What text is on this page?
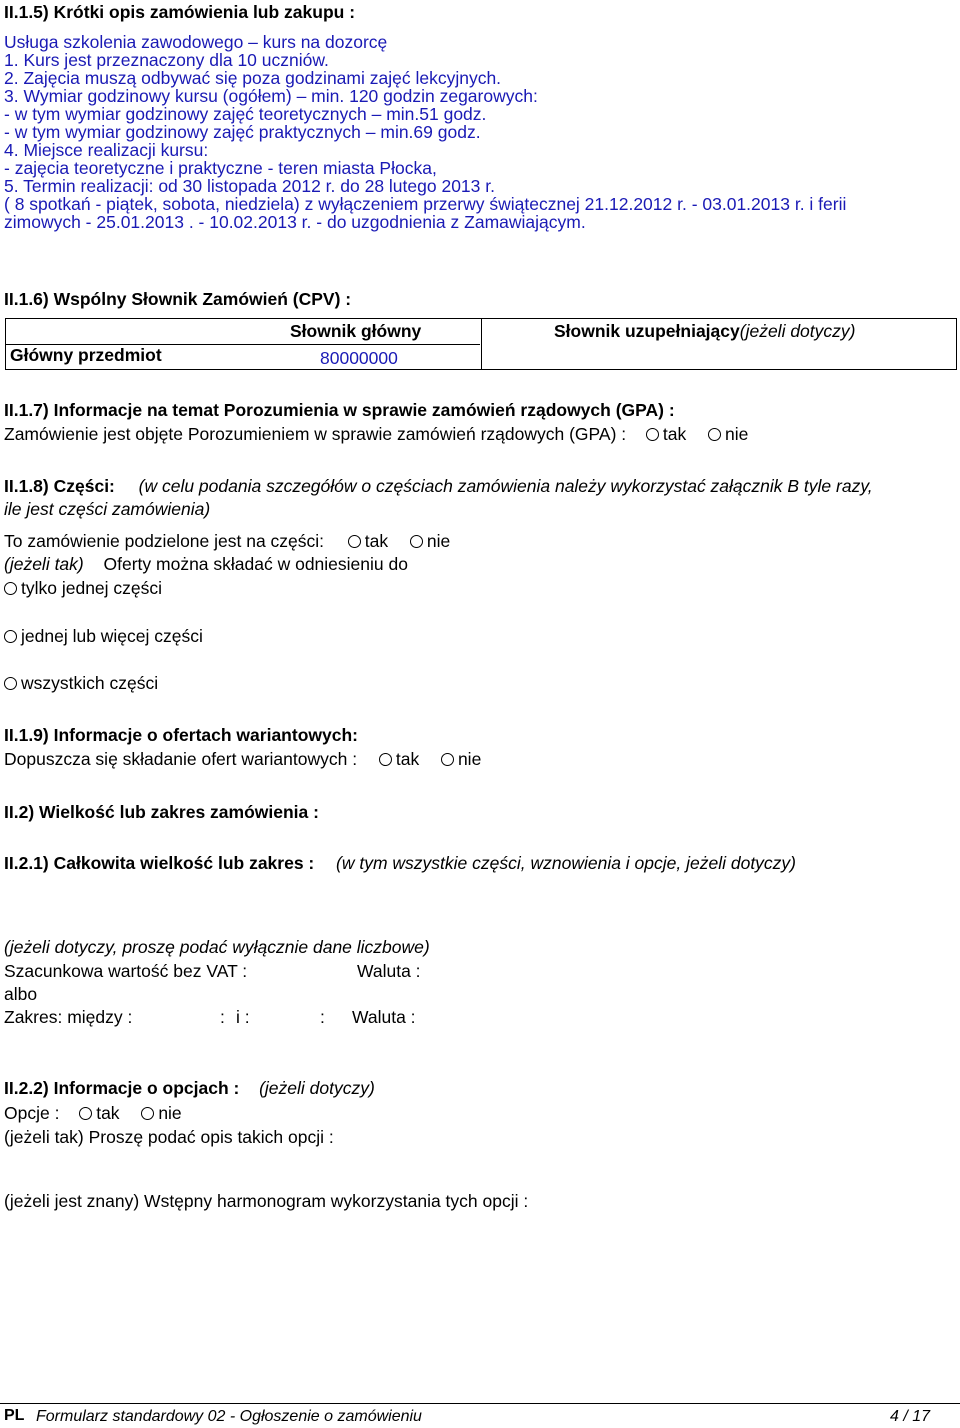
II.1.5) Krótki opis zamówienia lub zakupu :
Usługa szkolenia zawodowego – kurs na dozorcę
1. Kurs jest przeznaczony dla 10 uczniów.
2. Zajęcia muszą odbywać się poza godzinami zajęć lekcyjnych.
3. Wymiar godzinowy kursu (ogółem) – min. 120 godzin zegarowych:
- w tym wymiar godzinowy zajęć teoretycznych – min.51 godz.
- w tym wymiar godzinowy zajęć praktycznych – min.69 godz.
4. Miejsce realizacji kursu:
- zajęcia teoretyczne i praktyczne - teren miasta Płocka,
5. Termin realizacji: od 30 listopada 2012 r. do 28 lutego 2013 r.
( 8 spotkań - piątek, sobota, niedziela) z wyłączeniem przerwy świątecznej 21.12.2012 r. - 03.01.2013 r. i ferii
zimowych - 25.01.2013 . - 10.02.2013 r. - do uzgodnienia z Zamawiającym.
II.1.6) Wspólny Słownik Zamówień (CPV) :
Słownik główny	Słownik uzupełniający(jeżeli dotyczy)
Główny przedmiot	80000000
II.1.7) Informacje na temat Porozumienia w sprawie zamówień rządowych (GPA) :
Zamówienie jest objęte Porozumieniem w sprawie zamówień rządowych (GPA) : tak nie
II.1.8) Części: (w celu podania szczegółów o częściach zamówienia należy wykorzystać załącznik B tyle razy,
ile jest części zamówienia)
To zamówienie podzielone jest na części: tak nie
(jeżeli tak) Oferty można składać w odniesieniu do
tylko jednej części
jednej lub więcej części
wszystkich części
II.1.9) Informacje o ofertach wariantowych:
Dopuszcza się składanie ofert wariantowych : tak nie
II.2) Wielkość lub zakres zamówienia :
II.2.1) Całkowita wielkość lub zakres : (w tym wszystkie części, wznowienia i opcje, jeżeli dotyczy)
(jeżeli dotyczy, proszę podać wyłącznie dane liczbowe)
Szacunkowa wartość bez VAT :	Waluta :
albo
Zakres: między :	: i :	: Waluta :
II.2.2) Informacje o opcjach : (jeżeli dotyczy)
Opcje : tak nie
(jeżeli tak) Proszę podać opis takich opcji :
(jeżeli jest znany) Wstępny harmonogram wykorzystania tych opcji :
PL Formularz standardowy 02 - Ogłoszenie o zamówieniu	4 / 17
